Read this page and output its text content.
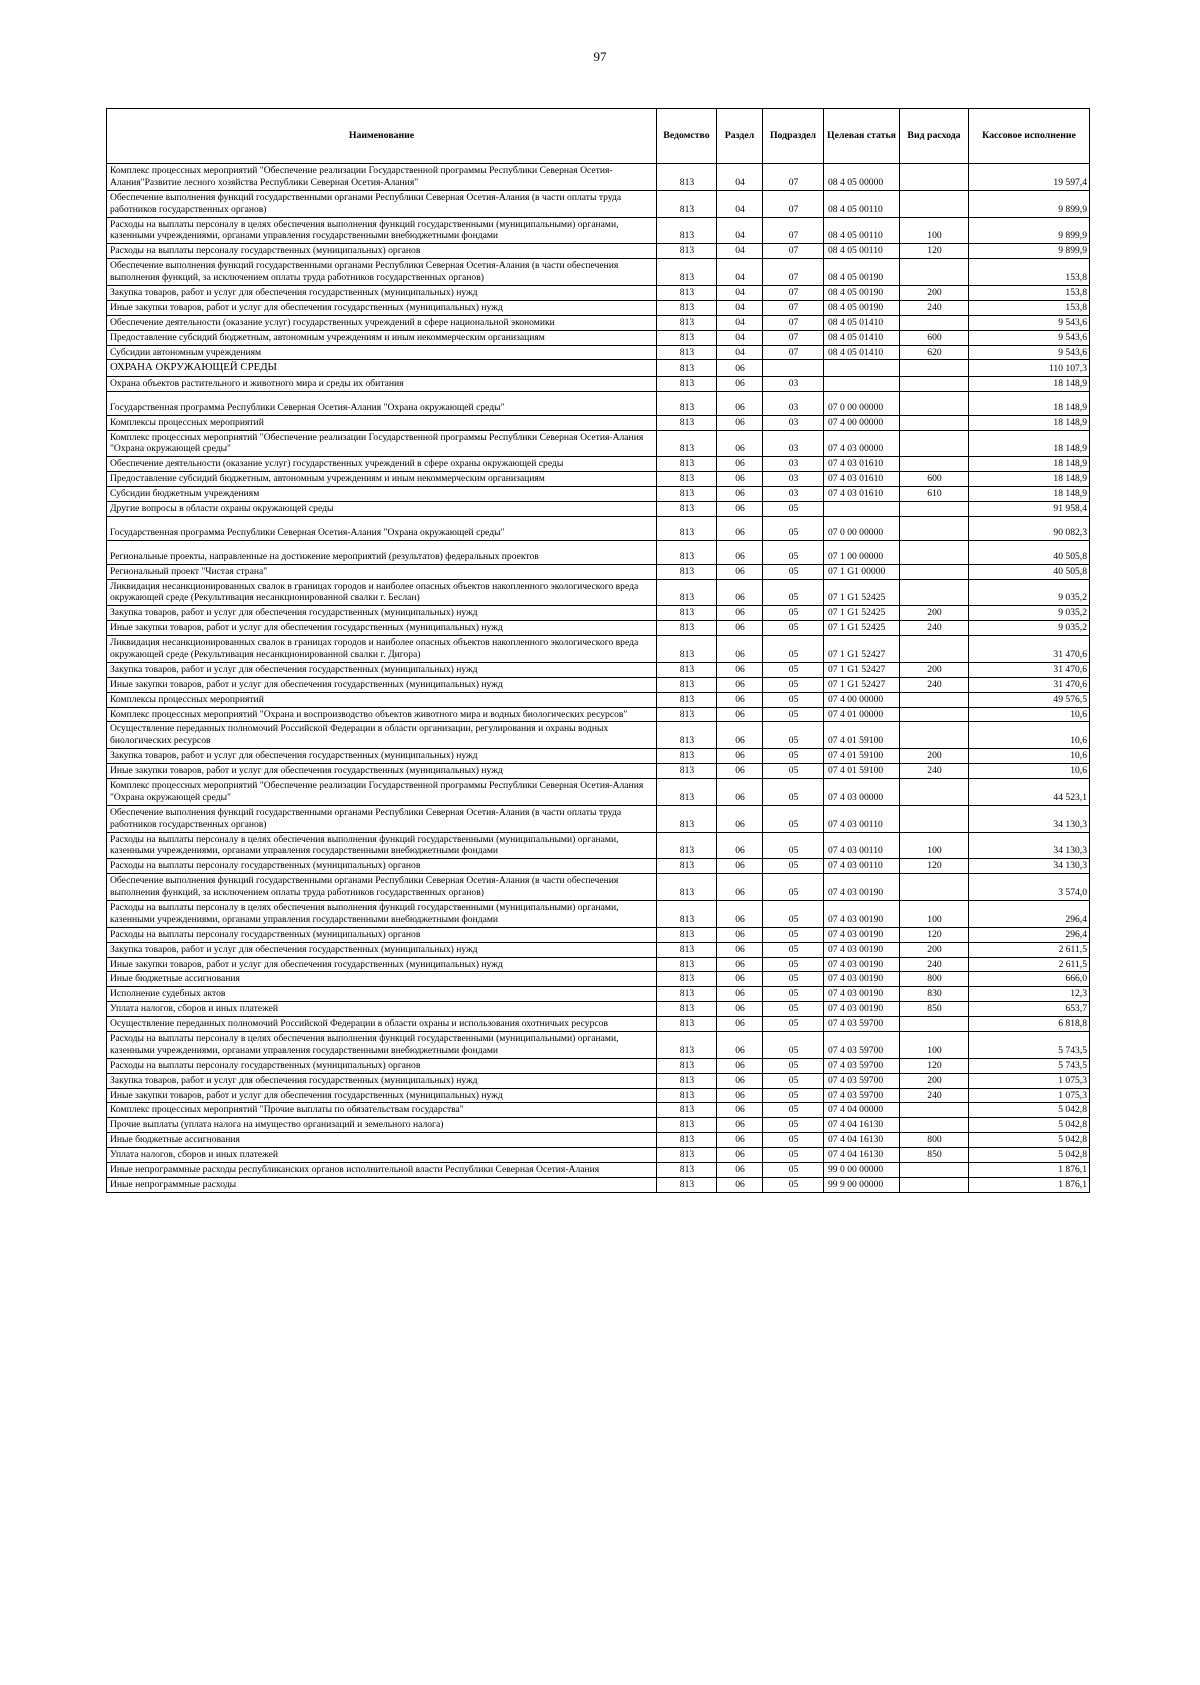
97
Наименование	Ведомство	Раздел	Подраздел	Целевая статья	Вид расхода	Кассовое исполнение
Комплекс процессных мероприятий "Обеспечение реализации Государственной программы Республики Северная Осетия-Алания"Развитие лесного хозяйства Республики Северная Осетия-Алания"	813	04	07	08 4 05 00000		19 597,4
Обеспечение выполнения функций государственными органами Республики Северная Осетия-Алания (в части оплаты труда работников государственных органов)	813	04	07	08 4 05 00110		9 899,9
Расходы на выплаты персоналу в целях обеспечения выполнения функций государственными (муниципальными) органами, казенными учреждениями, органами управления государственными внебюджетными фондами	813	04	07	08 4 05 00110	100	9 899,9
Расходы на выплаты персоналу государственных (муниципальных) органов	813	04	07	08 4 05 00110	120	9 899,9
Обеспечение выполнения функций государственными органами Республики Северная Осетия-Алания (в части обеспечения выполнения функций, за исключением оплаты труда работников государственных органов)	813	04	07	08 4 05 00190		153,8
Закупка товаров, работ и услуг для обеспечения государственных (муниципальных) нужд	813	04	07	08 4 05 00190	200	153,8
Иные закупки товаров, работ и услуг для обеспечения государственных (муниципальных) нужд	813	04	07	08 4 05 00190	240	153,8
Обеспечение деятельности (оказание услуг) государственных учреждений в сфере национальной экономики	813	04	07	08 4 05 01410		9 543,6
Предоставление субсидий бюджетным, автономным учреждениям и иным некоммерческим организациям	813	04	07	08 4 05 01410	600	9 543,6
Субсидии автономным учреждениям	813	04	07	08 4 05 01410	620	9 543,6
ОХРАНА ОКРУЖАЮЩЕЙ СРЕДЫ	813	06				110 107,3
Охрана объектов растительного и животного мира и среды их обитания	813	06	03			18 148,9
Государственная программа Республики Северная Осетия-Алания "Охрана окружающей среды"	813	06	03	07 0 00 00000		18 148,9
Комплексы процессных мероприятий	813	06	03	07 4 00 00000		18 148,9
Комплекс процессных мероприятий "Обеспечение реализации Государственной программы Республики Северная Осетия-Алания "Охрана окружающей среды"	813	06	03	07 4 03 00000		18 148,9
Обеспечение деятельности (оказание услуг) государственных учреждений в сфере охраны окружающей среды	813	06	03	07 4 03 01610		18 148,9
Предоставление субсидий бюджетным, автономным учреждениям и иным некоммерческим организациям	813	06	03	07 4 03 01610	600	18 148,9
Субсидии бюджетным учреждениям	813	06	03	07 4 03 01610	610	18 148,9
Другие вопросы в области охраны окружающей среды	813	06	05			91 958,4
Государственная программа Республики Северная Осетия-Алания "Охрана окружающей среды"	813	06	05	07 0 00 00000		90 082,3
Региональные проекты, направленные на достижение мероприятий (результатов) федеральных проектов	813	06	05	07 1 00 00000		40 505,8
Региональный проект "Чистая страна"	813	06	05	07 1 G1 00000		40 505,8
Ликвидация несанкционированных свалок в границах городов и наиболее опасных объектов накопленного экологического вреда окружающей среде (Рекультивация несанкционированной свалки г. Беслан)	813	06	05	07 1 G1 52425		9 035,2
Закупка товаров, работ и услуг для обеспечения государственных (муниципальных) нужд	813	06	05	07 1 G1 52425	200	9 035,2
Иные закупки товаров, работ и услуг для обеспечения государственных (муниципальных) нужд	813	06	05	07 1 G1 52425	240	9 035,2
Ликвидация несанкционированных свалок в границах городов и наиболее опасных объектов накопленного экологического вреда окружающей среде (Рекультивация несанкционированной свалки г. Дигора)	813	06	05	07 1 G1 52427		31 470,6
Закупка товаров, работ и услуг для обеспечения государственных (муниципальных) нужд	813	06	05	07 1 G1 52427	200	31 470,6
Иные закупки товаров, работ и услуг для обеспечения государственных (муниципальных) нужд	813	06	05	07 1 G1 52427	240	31 470,6
Комплексы процессных мероприятий	813	06	05	07 4 00 00000		49 576,5
Комплекс процессных мероприятий "Охрана и воспроизводство объектов животного мира и водных биологических ресурсов"	813	06	05	07 4 01 00000		10,6
Осуществление переданных полномочий Российской Федерации в области организации, регулирования и охраны водных биологических ресурсов	813	06	05	07 4 01 59100		10,6
Закупка товаров, работ и услуг для обеспечения государственных (муниципальных) нужд	813	06	05	07 4 01 59100	200	10,6
Иные закупки товаров, работ и услуг для обеспечения государственных (муниципальных) нужд	813	06	05	07 4 01 59100	240	10,6
Комплекс процессных мероприятий "Обеспечение реализации Государственной программы Республики Северная Осетия-Алания "Охрана окружающей среды"	813	06	05	07 4 03 00000		44 523,1
Обеспечение выполнения функций государственными органами Республики Северная Осетия-Алания (в части оплаты труда работников государственных органов)	813	06	05	07 4 03 00110		34 130,3
Расходы на выплаты персоналу в целях обеспечения выполнения функций государственными (муниципальными) органами, казенными учреждениями, органами управления государственными внебюджетными фондами	813	06	05	07 4 03 00110	100	34 130,3
Расходы на выплаты персоналу государственных (муниципальных) органов	813	06	05	07 4 03 00110	120	34 130,3
Обеспечение выполнения функций государственными органами Республики Северная Осетия-Алания (в части обеспечения выполнения функций, за исключением оплаты труда работников государственных органов)	813	06	05	07 4 03 00190		3 574,0
Расходы на выплаты персоналу в целях обеспечения выполнения функций государственными (муниципальными) органами, казенными учреждениями, органами управления государственными внебюджетными фондами	813	06	05	07 4 03 00190	100	296,4
Расходы на выплаты персоналу государственных (муниципальных) органов	813	06	05	07 4 03 00190	120	296,4
Закупка товаров, работ и услуг для обеспечения государственных (муниципальных) нужд	813	06	05	07 4 03 00190	200	2 611,5
Иные закупки товаров, работ и услуг для обеспечения государственных (муниципальных) нужд	813	06	05	07 4 03 00190	240	2 611,5
Иные бюджетные ассигнования	813	06	05	07 4 03 00190	800	666,0
Исполнение судебных актов	813	06	05	07 4 03 00190	830	12,3
Уплата налогов, сборов и иных платежей	813	06	05	07 4 03 00190	850	653,7
Осуществление переданных полномочий Российской Федерации в области охраны и использования охотничьих ресурсов	813	06	05	07 4 03 59700		6 818,8
Расходы на выплаты персоналу в целях обеспечения выполнения функций государственными (муниципальными) органами, казенными учреждениями, органами управления государственными внебюджетными фондами	813	06	05	07 4 03 59700	100	5 743,5
Расходы на выплаты персоналу государственных (муниципальных) органов	813	06	05	07 4 03 59700	120	5 743,5
Закупка товаров, работ и услуг для обеспечения государственных (муниципальных) нужд	813	06	05	07 4 03 59700	200	1 075,3
Иные закупки товаров, работ и услуг для обеспечения государственных (муниципальных) нужд	813	06	05	07 4 03 59700	240	1 075,3
Комплекс процессных мероприятий "Прочие выплаты по обязательствам государства"	813	06	05	07 4 04 00000		5 042,8
Прочие выплаты (уплата налога на имущество организаций и земельного налога)	813	06	05	07 4 04 16130		5 042,8
Иные бюджетные ассигнования	813	06	05	07 4 04 16130	800	5 042,8
Уплата налогов, сборов и иных платежей	813	06	05	07 4 04 16130	850	5 042,8
Иные непрограммные расходы республиканских органов исполнительной власти Республики Северная Осетия-Алания	813	06	05	99 0 00 00000		1 876,1
Иные непрограммные расходы	813	06	05	99 9 00 00000		1 876,1
